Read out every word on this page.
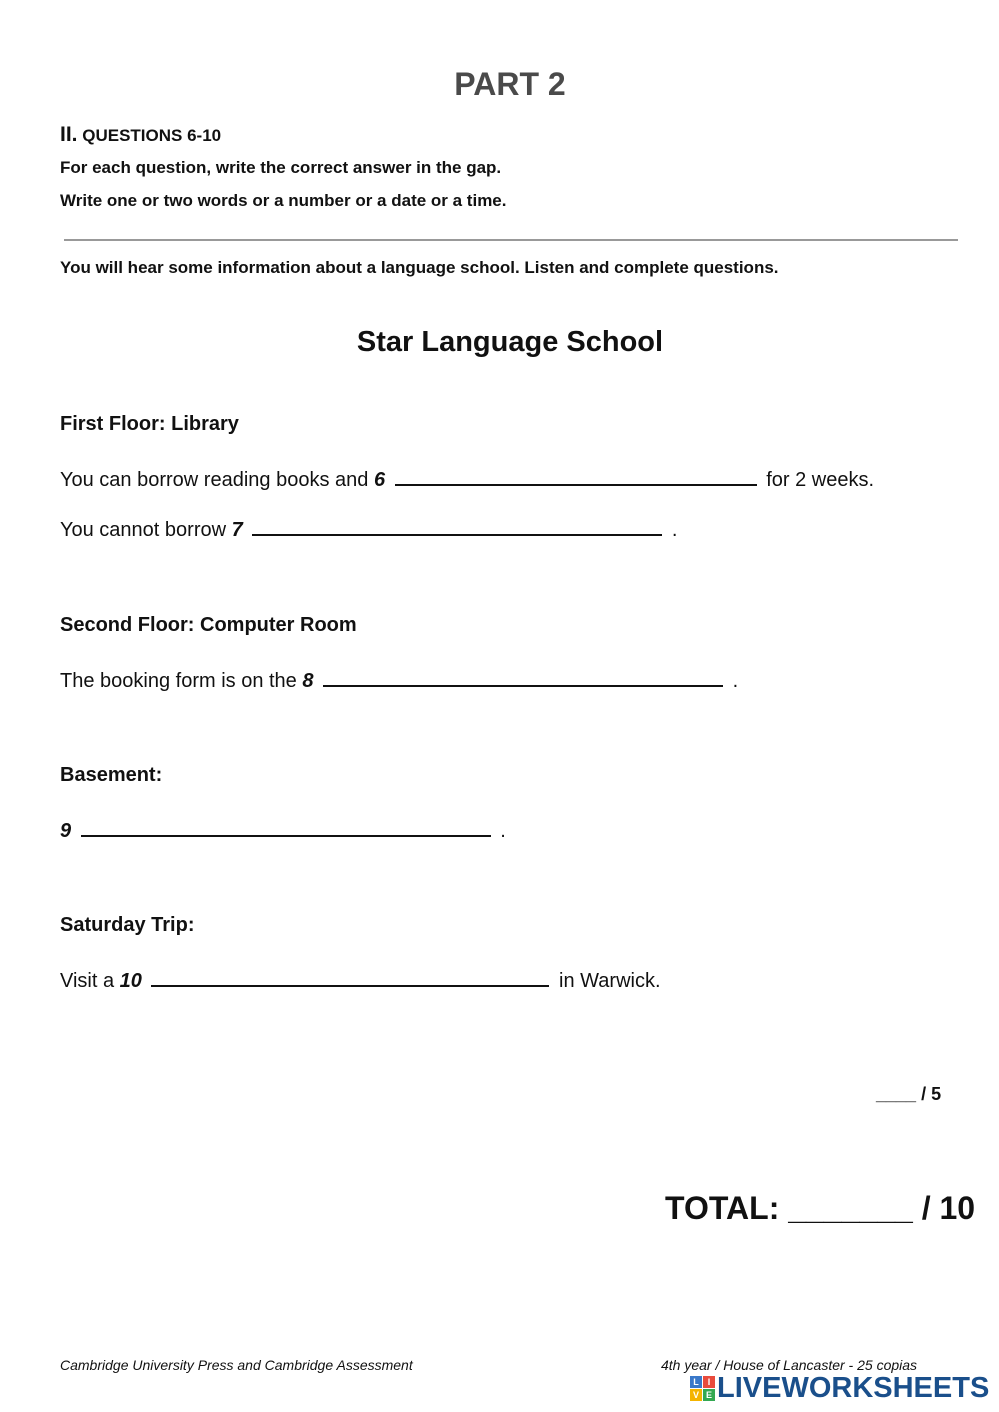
PART 2
II. QUESTIONS 6-10
For each question, write the correct answer in the gap.
Write one or two words or a number or a date or a time.
You will hear some information about a language school. Listen and complete questions.
Star Language School
First Floor: Library
You can borrow reading books and 6	for 2 weeks.
You cannot borrow 7	.
Second Floor: Computer Room
The booking form is on the 8	.
Basement:
9	.
Saturday Trip:
Visit a 10	in Warwick.
____ / 5
TOTAL: _______ / 10
Cambridge University Press and Cambridge Assessment	4th year / House of Lancaster - 25 copias
L I
V E LIVEWORKSHEETS
